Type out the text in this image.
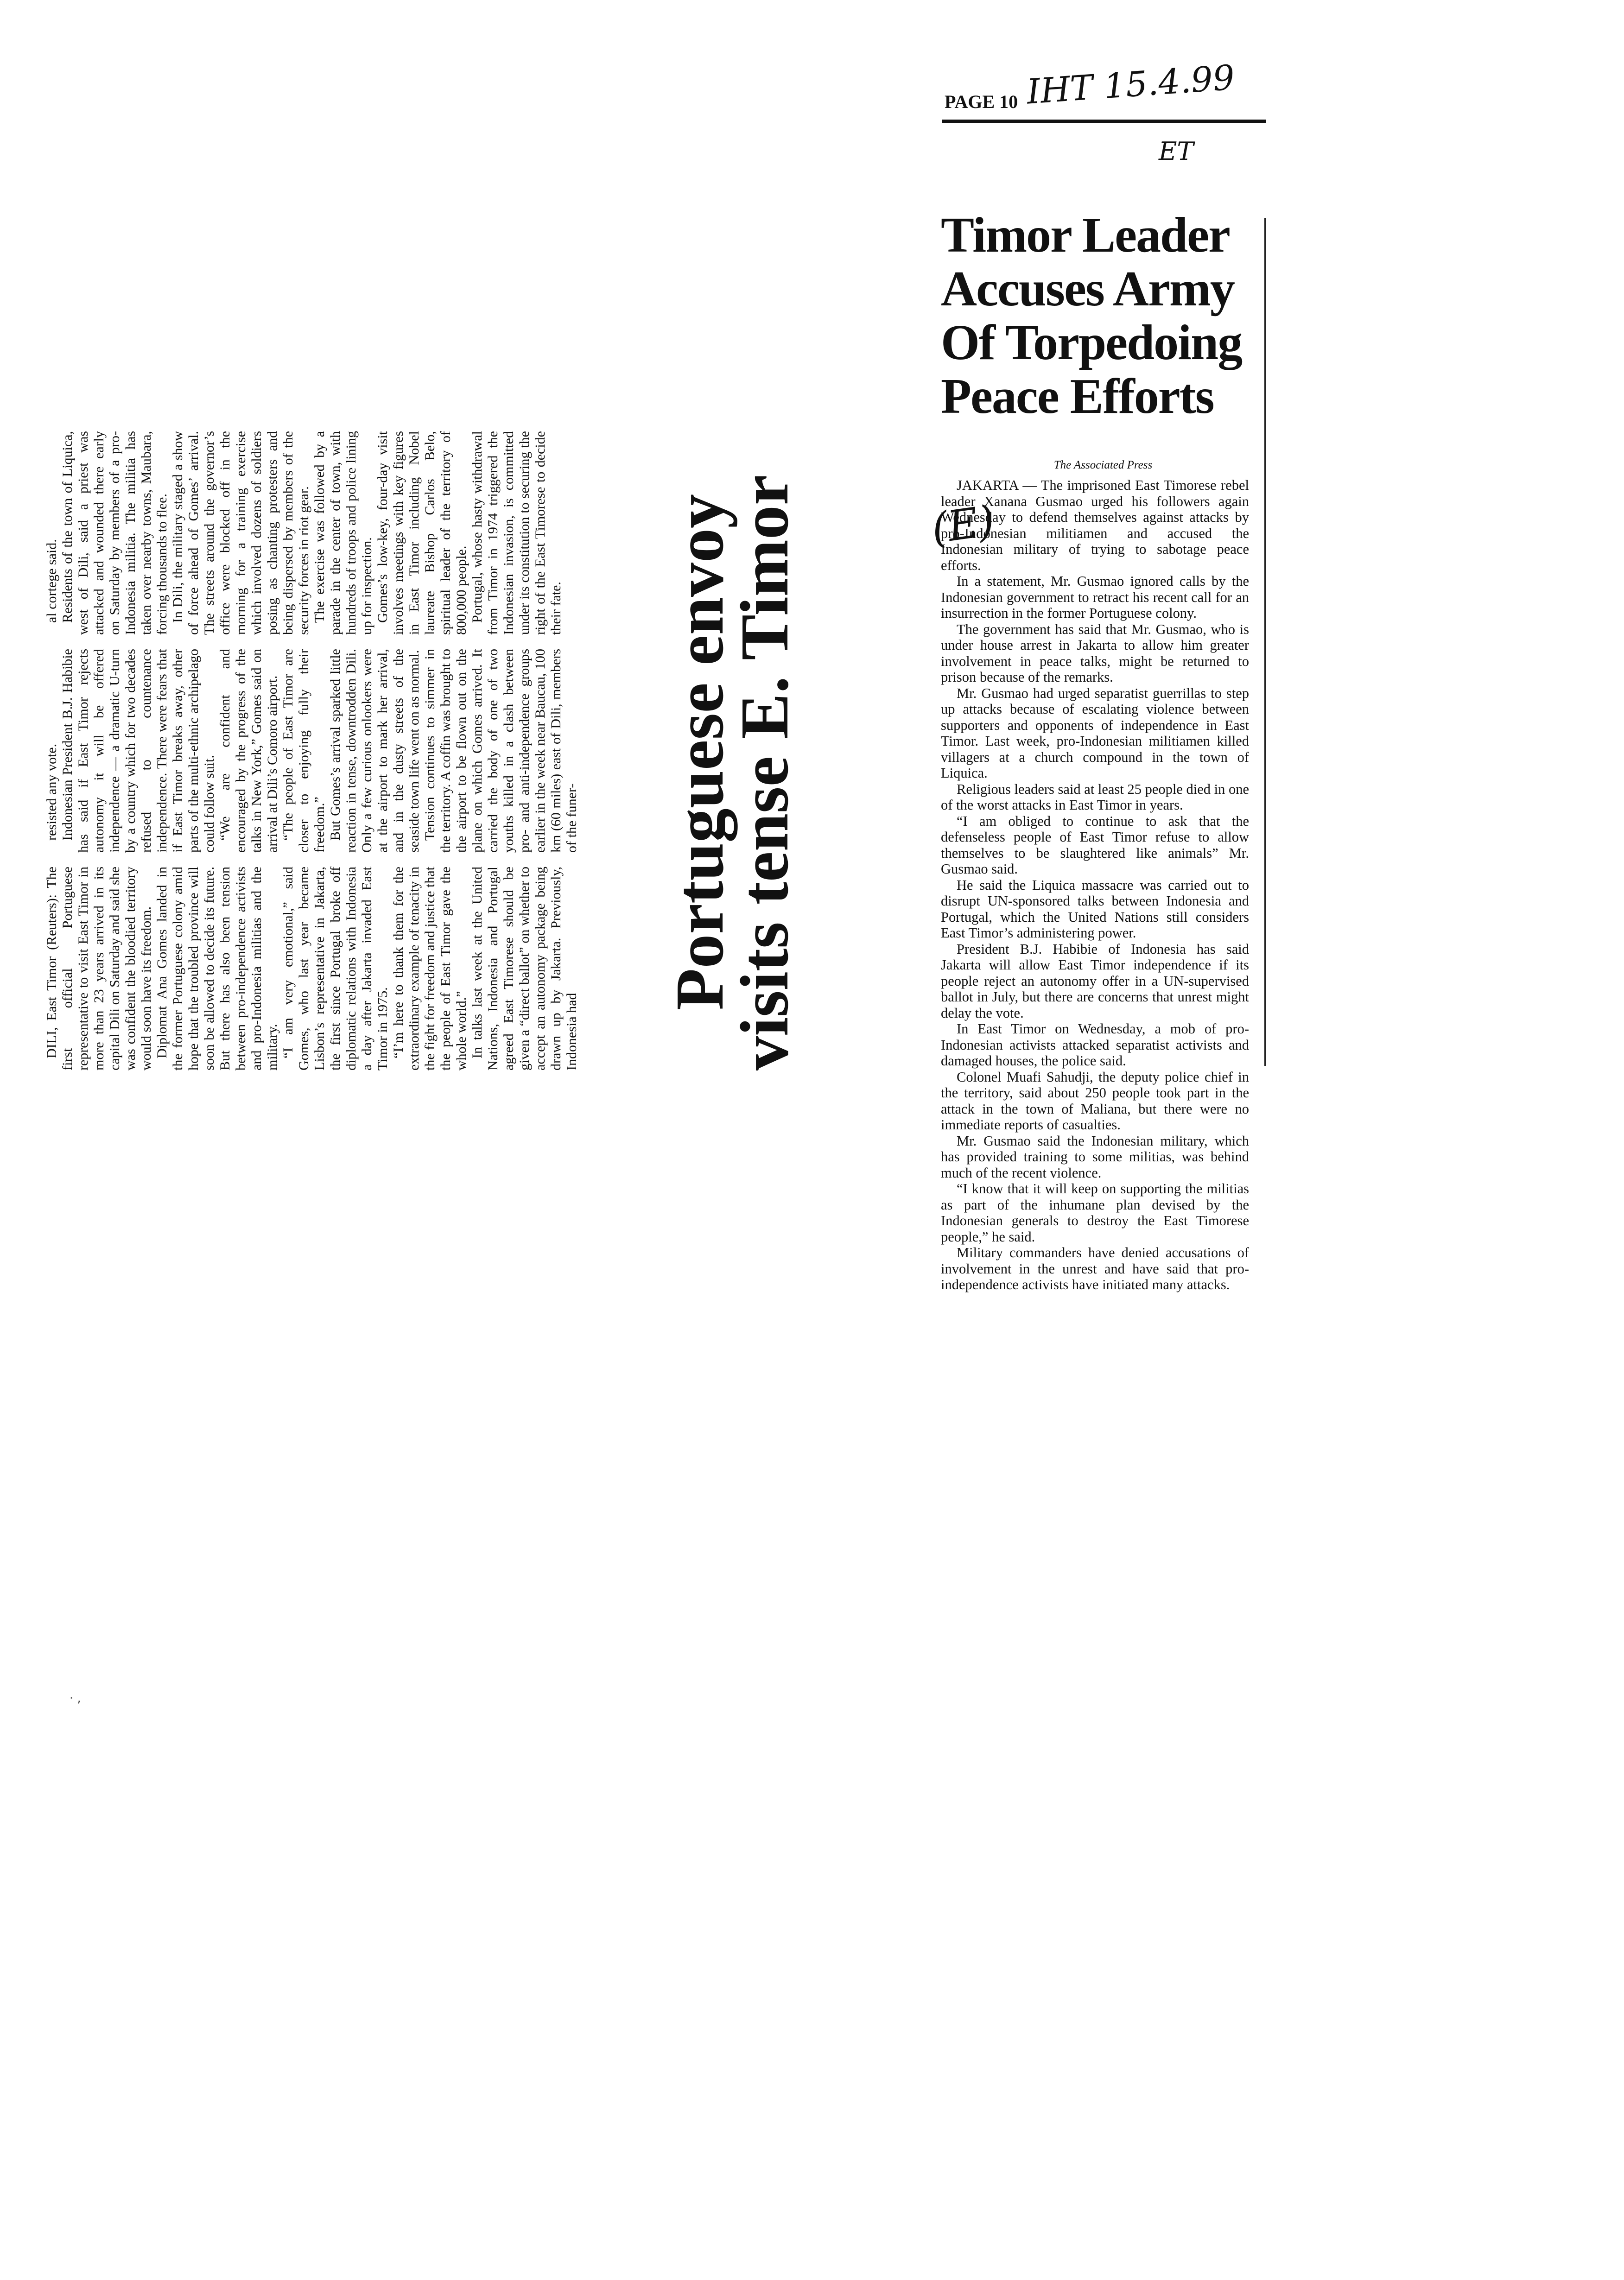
PAGE 10 IHT 15.4.99
ET
Timor Leader Accuses Army Of Torpedoing Peace Efforts
The Associated Press

JAKARTA — The imprisoned East Timorese rebel leader Xanana Gusmao urged his followers again Wednesday to defend themselves against attacks by pro-Indonesian militiamen and accused the Indonesian military of trying to sabotage peace efforts.

In a statement, Mr. Gusmao ignored calls by the Indonesian government to retract his recent call for an insurrection in the former Portuguese colony.

The government has said that Mr. Gusmao, who is under house arrest in Jakarta to allow him greater involvement in peace talks, might be returned to prison because of the remarks.

Mr. Gusmao had urged separatist guerrillas to step up attacks because of escalating violence between supporters and opponents of independence in East Timor. Last week, pro-Indonesian militiamen killed villagers at a church compound in the town of Liquica.

Religious leaders said at least 25 people died in one of the worst attacks in East Timor in years.

“I am obliged to continue to ask that the defenseless people of East Timor refuse to allow themselves to be slaughtered like animals” Mr. Gusmao said.

He said the Liquica massacre was carried out to disrupt UN-sponsored talks between Indonesia and Portugal, which the United Nations still considers East Timor’s administering power.

President B.J. Habibie of Indonesia has said Jakarta will allow East Timor independence if its people reject an autonomy offer in a UN-supervised ballot in July, but there are concerns that unrest might delay the vote.

In East Timor on Wednesday, a mob of pro-Indonesian activists attacked separatist activists and damaged houses, the police said.

Colonel Muafi Sahudji, the deputy police chief in the territory, said about 250 people took part in the attack in the town of Maliana, but there were no immediate reports of casualties.

Mr. Gusmao said the Indonesian military, which has provided training to some militias, was behind much of the recent violence.

“I know that it will keep on supporting the militias as part of the inhumane plan devised by the Indonesian generals to destroy the East Timorese people,” he said.

Military commanders have denied accusations of involvement in the unrest and have said that pro-independence activists have initiated many attacks.

Portuguese envoy
visits tense E. Timor	(E)

DILI, East Timor (Reuters): The first official Portuguese representative to visit East Timor in more than 23 years arrived in its capital Dili on Saturday and said she was confident the bloodied territory would soon have its freedom. Diplomat Ana Gomes landed in the former Portuguese colony amid hope that the troubled province will soon be allowed to decide its future. But there has also been tension between pro-independence activists and pro-Indonesia militias and the military. “I am very emotional,” said Gomes, who last year became Lisbon’s representative in Jakarta, the first since Portugal broke off diplomatic relations with Indonesia a day after Jakarta invaded East Timor in 1975. “I’m here to thank them for the extraordinary example of tenacity in the fight for freedom and justice that the people of East Timor gave the whole world.” In talks last week at the United Nations, Indonesia and Portugal agreed East Timorese should be given a “direct ballot” on whether to accept an autonomy package being drawn up by Jakarta. Previously, Indonesia had

resisted any vote. Indonesian President B.J. Habibie has said if East Timor rejects autonomy it will be offered independence — a dramatic U-turn by a country which for two decades refused to countenance independence. There were fears that if East Timor breaks away, other parts of the multi-ethnic archipelago could follow suit. “We are confident and encouraged by the progress of the talks in New York,” Gomes said on arrival at Dili’s Comoro airport. “The people of East Timor are closer to enjoying fully their freedom.” But Gomes’s arrival sparked little reaction in tense, downtrodden Dili. Only a few curious onlookers were at the airport to mark her arrival, and in the dusty streets of the seaside town life went on as normal. Tension continues to simmer in the territory. A coffin was brought to the airport to be flown out on the plane on which Gomes arrived. It carried the body of one of two youths killed in a clash between pro- and anti-independence groups earlier in the week near Baucau, 100 km (60 miles) east of Dili, members of the funer-

al cortege said. Residents of the town of Liquica, west of Dili, said a priest was attacked and wounded there early on Saturday by members of a pro-Indonesia militia. The militia has taken over nearby towns, Maubara, forcing thousands to flee. In Dili, the military staged a show of force ahead of Gomes’ arrival. The streets around the governor’s office were blocked off in the morning for a training exercise which involved dozens of soldiers posing as chanting protesters and being dispersed by members of the security forces in riot gear. The exercise was followed by a parade in the center of town, with hundreds of troops and police lining up for inspection. Gomes’s low-key, four-day visit involves meetings with key figures in East Timor including Nobel laureate Bishop Carlos Belo, spiritual leader of the territory of 800,000 people. Portugal, whose hasty withdrawal from Timor in 1974 triggered the Indonesian invasion, is committed under its constitution to securing the right of the East Timorese to decide their fate.

· ,
